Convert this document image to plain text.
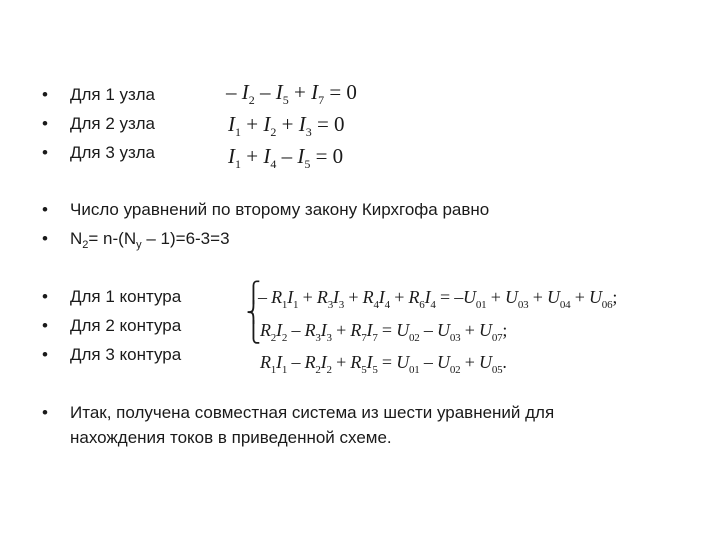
•
•
•
•
•
•
•
•
•
Для 1 узла
Для 2 узла
Для 3 узла
– $I_2 - I_5 + I_7 = 0$
$I_1 + I_2 + I_3 = 0$
$I_1 + I_4 - I_5 = 0$
Число уравнений по второму закону Кирхгофа равно
$N_2= n-(N_y - 1)=6-3=3$
Для 1 контура
Для 2 контура
Для 3 контура
⎧
⎨
⎩
– $R_1I_1 + R_3I_3 + R_4I_4 + R_6I_4 = -U_{01} + U_{03} + U_{04} + U_{06}$;
$R_2I_2 - R_3I_3 + R_7I_7 = U_{02} - U_{03} + U_{07}$;
$R_1I_1 - R_2I_2 + R_5I_5 = U_{01} - U_{02} + U_{05}$.
Итак, получена совместная система из шести уравнений для
нахождения токов в приведенной схеме.
